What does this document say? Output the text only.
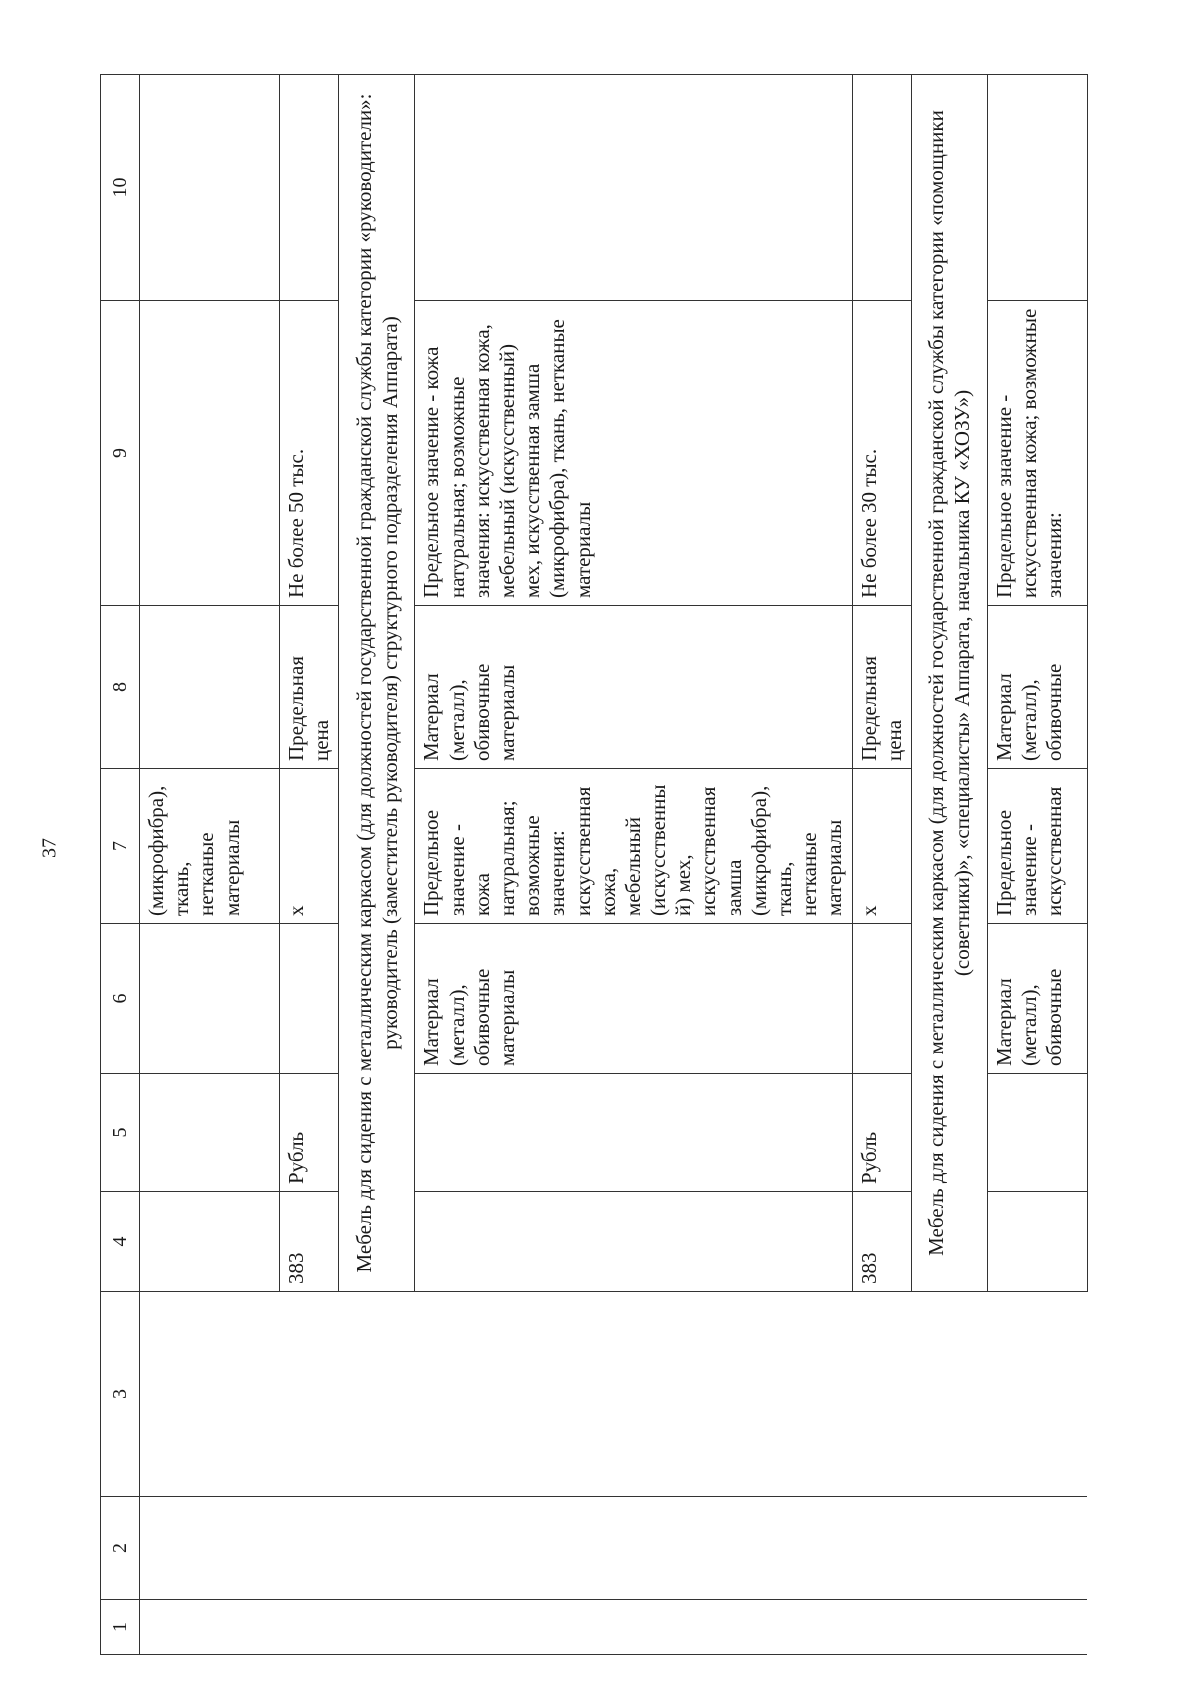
37
1	2	3	4	5	6	7	8	9	10
						(микрофибра), ткань, нетканые материалы			
			383	Рубль		x	Предельная цена	Не более 50 тыс.	
			Мебель для сидения с металлическим каркасом (для должностей государственной гражданской службы категории «руководители»: руководитель (заместитель руководителя) структурного подразделения Аппарата)						
					Материал (металл), обивочные материалы	Предельное значение - кожа натуральная; возможные значения: искусственная кожа, мебельный (искусственны й) мех, искусственная замша (микрофибра), ткань, нетканые материалы	Материал (металл), обивочные материалы	Предельное значение - кожа натуральная; возможные значения: искусственная кожа, мебельный (искусственный) мех, искусственная замша (микрофибра), ткань, нетканые материалы	
			383	Рубль		x	Предельная цена	Не более 30 тыс.	
			Мебель для сидения с металлическим каркасом (для должностей государственной гражданской службы категории «помощники (советники)», «специалисты» Аппарата, начальника КУ «ХОЗУ»)						
					Материал (металл), обивочные	Предельное значение - искусственная	Материал (металл), обивочные	Предельное значение - искусственная кожа; возможные значения:	
